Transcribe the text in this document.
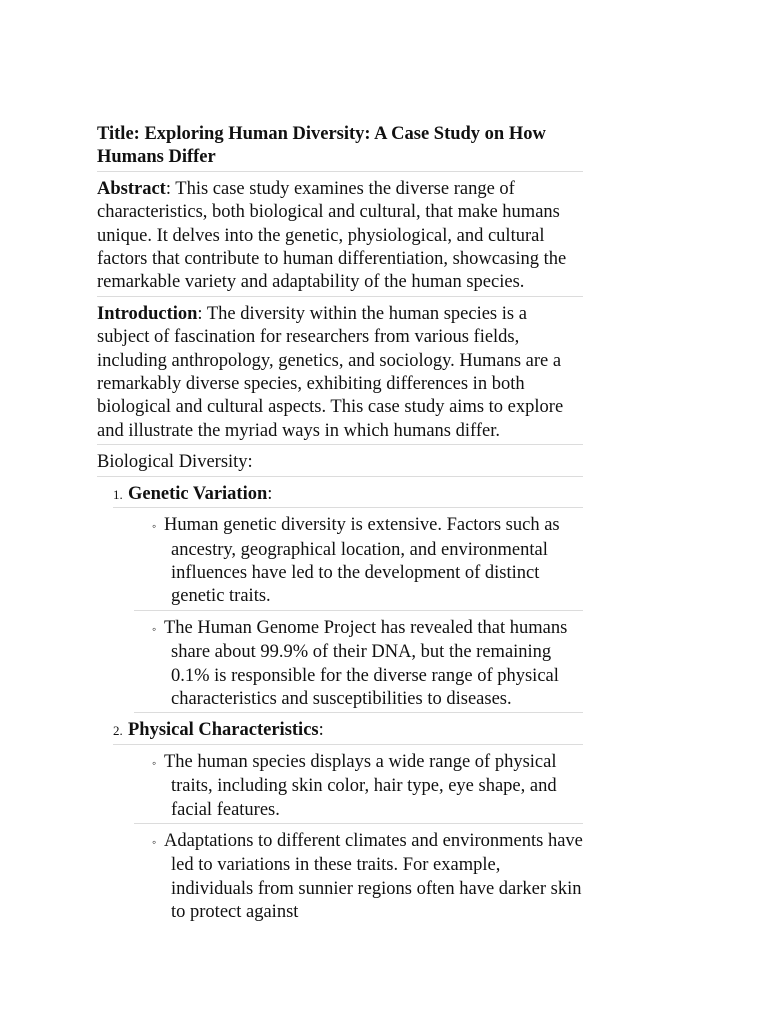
Title: Exploring Human Diversity: A Case Study on How Humans Differ
Abstract: This case study examines the diverse range of characteristics, both biological and cultural, that make humans unique. It delves into the genetic, physiological, and cultural factors that contribute to human differentiation, showcasing the remarkable variety and adaptability of the human species.
Introduction: The diversity within the human species is a subject of fascination for researchers from various fields, including anthropology, genetics, and sociology. Humans are a remarkably diverse species, exhibiting differences in both biological and cultural aspects. This case study aims to explore and illustrate the myriad ways in which humans differ.
Biological Diversity:
1. Genetic Variation:
◦ Human genetic diversity is extensive. Factors such as ancestry, geographical location, and environmental influences have led to the development of distinct genetic traits.
◦ The Human Genome Project has revealed that humans share about 99.9% of their DNA, but the remaining 0.1% is responsible for the diverse range of physical characteristics and susceptibilities to diseases.
2. Physical Characteristics:
◦ The human species displays a wide range of physical traits, including skin color, hair type, eye shape, and facial features.
◦ Adaptations to different climates and environments have led to variations in these traits. For example, individuals from sunnier regions often have darker skin to protect against
